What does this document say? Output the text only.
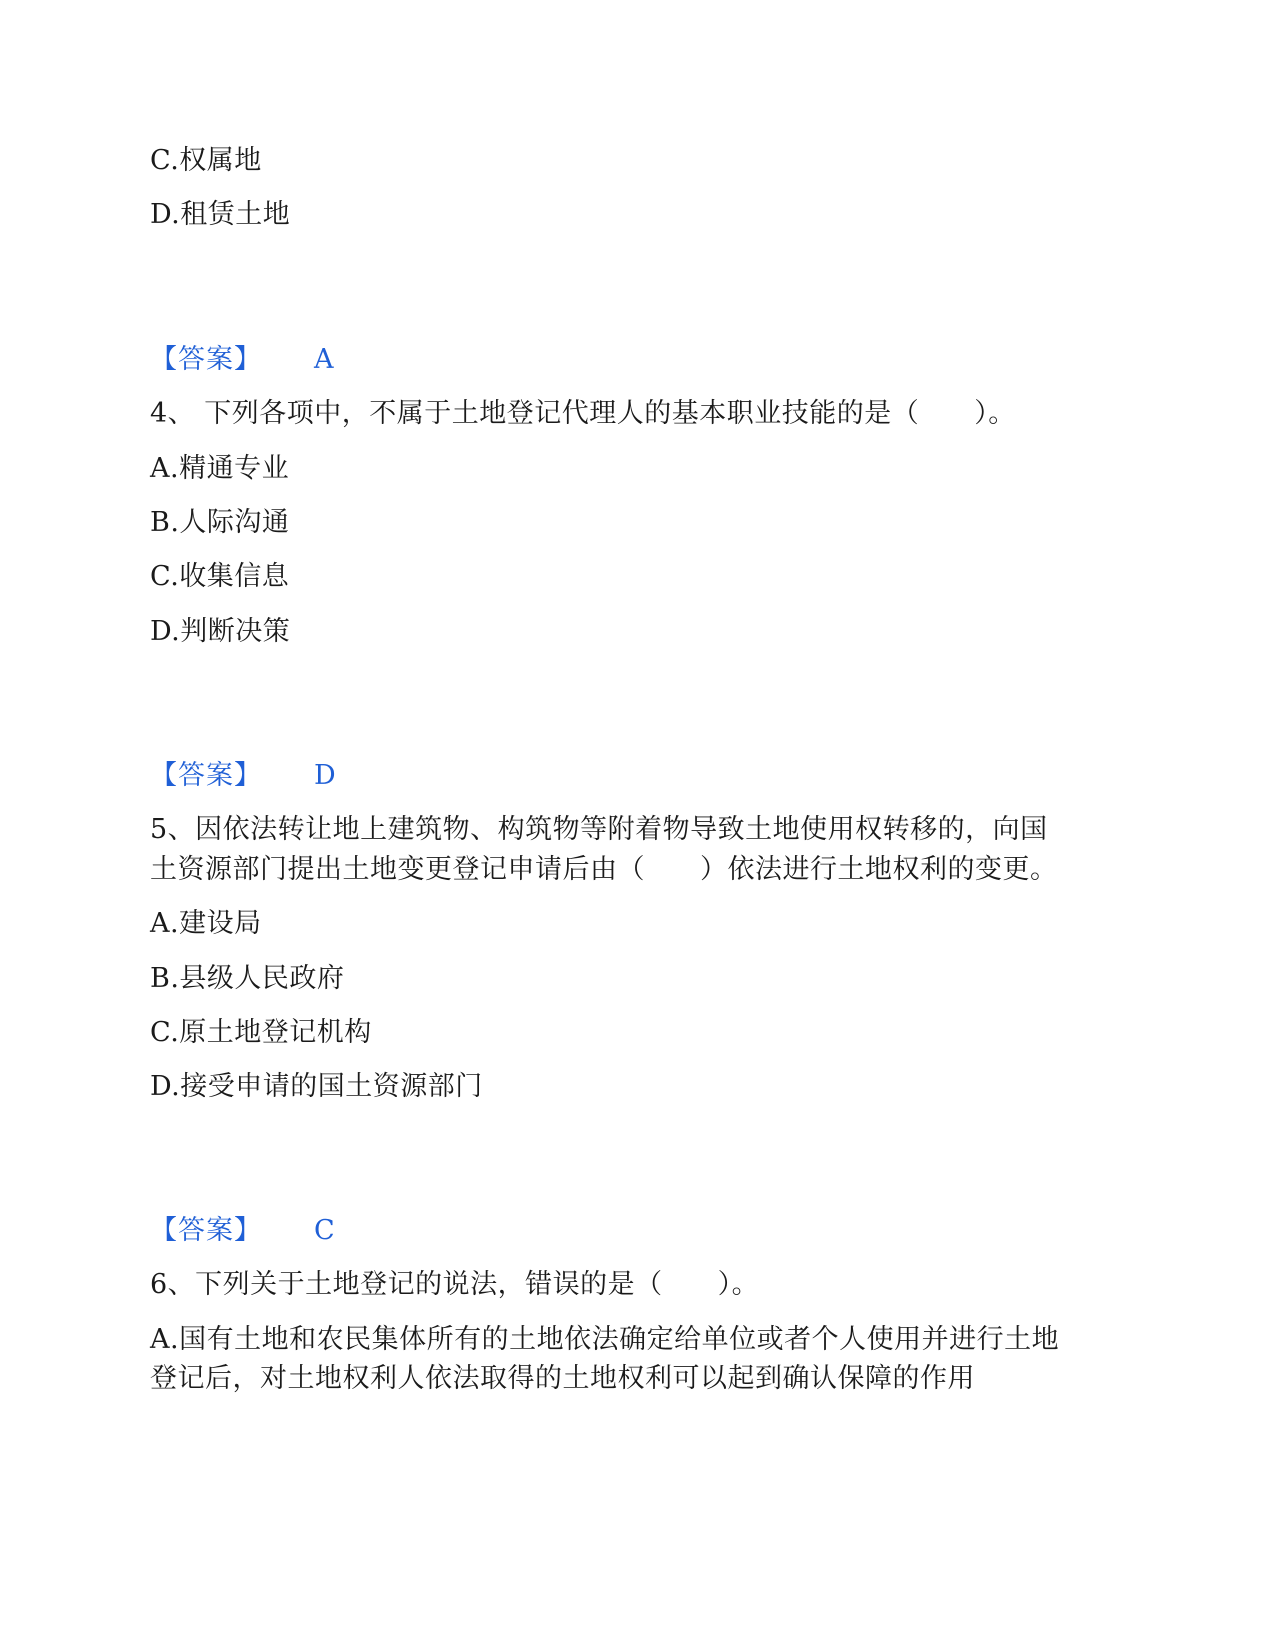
C.权属地
D.租赁土地
【答案】 A
4、 下列各项中，不属于土地登记代理人的基本职业技能的是（　　）。
A.精通专业
B.人际沟通
C.收集信息
D.判断决策
【答案】 D
5、因依法转让地上建筑物、构筑物等附着物导致土地使用权转移的，向国
土资源部门提出土地变更登记申请后由（　　）依法进行土地权利的变更。
A.建设局
B.县级人民政府
C.原土地登记机构
D.接受申请的国土资源部门
【答案】 C
6、下列关于土地登记的说法，错误的是（　　）。
A.国有土地和农民集体所有的土地依法确定给单位或者个人使用并进行土地
登记后，对土地权利人依法取得的土地权利可以起到确认保障的作用
